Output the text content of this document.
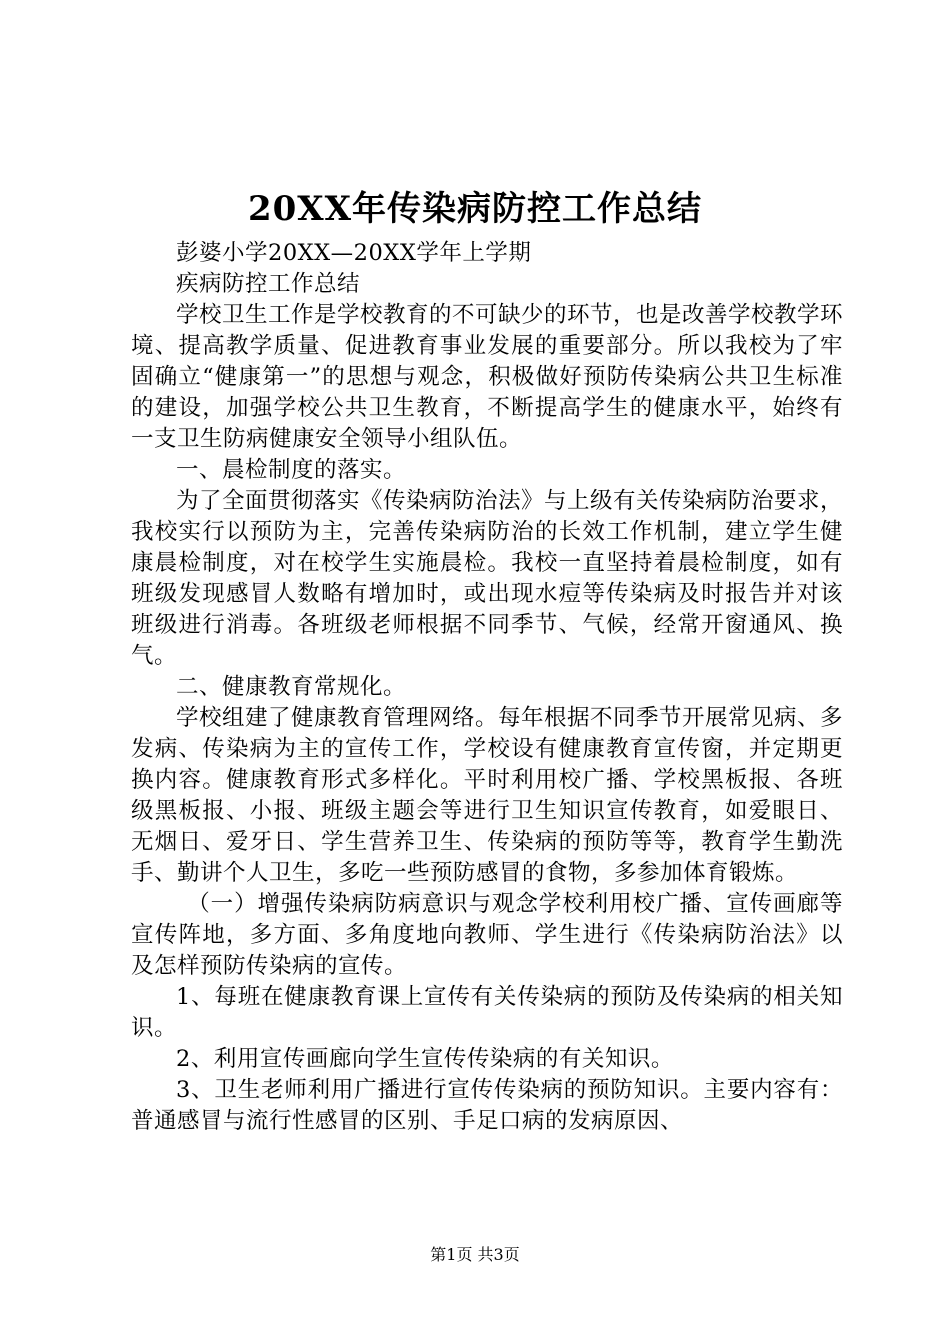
20XX年传染病防控工作总结

彭婆小学20XX—20XX学年上学期

疾病防控工作总结

学校卫生工作是学校教育的不可缺少的环节，也是改善学校教学环境、提高教学质量、促进教育事业发展的重要部分。所以我校为了牢固确立“健康第一”的思想与观念，积极做好预防传染病公共卫生标准的建设，加强学校公共卫生教育，不断提高学生的健康水平，始终有一支卫生防病健康安全领导小组队伍。

一、晨检制度的落实。

为了全面贯彻落实《传染病防治法》与上级有关传染病防治要求，我校实行以预防为主，完善传染病防治的长效工作机制，建立学生健康晨检制度，对在校学生实施晨检。我校一直坚持着晨检制度，如有班级发现感冒人数略有增加时，或出现水痘等传染病及时报告并对该班级进行消毒。各班级老师根据不同季节、气候，经常开窗通风、换气。

二、健康教育常规化。

学校组建了健康教育管理网络。每年根据不同季节开展常见病、多发病、传染病为主的宣传工作，学校设有健康教育宣传窗，并定期更换内容。健康教育形式多样化。平时利用校广播、学校黑板报、各班级黑板报、小报、班级主题会等进行卫生知识宣传教育，如爱眼日、无烟日、爱牙日、学生营养卫生、传染病的预防等等，教育学生勤洗手、勤讲个人卫生，多吃一些预防感冒的食物，多参加体育锻炼。

（一）增强传染病防病意识与观念学校利用校广播、宣传画廊等宣传阵地，多方面、多角度地向教师、学生进行《传染病防治法》以及怎样预防传染病的宣传。

1、每班在健康教育课上宣传有关传染病的预防及传染病的相关知识。

2、利用宣传画廊向学生宣传传染病的有关知识。

3、卫生老师利用广播进行宣传传染病的预防知识。主要内容有：普通感冒与流行性感冒的区别、手足口病的发病原因、

第1页 共3页
